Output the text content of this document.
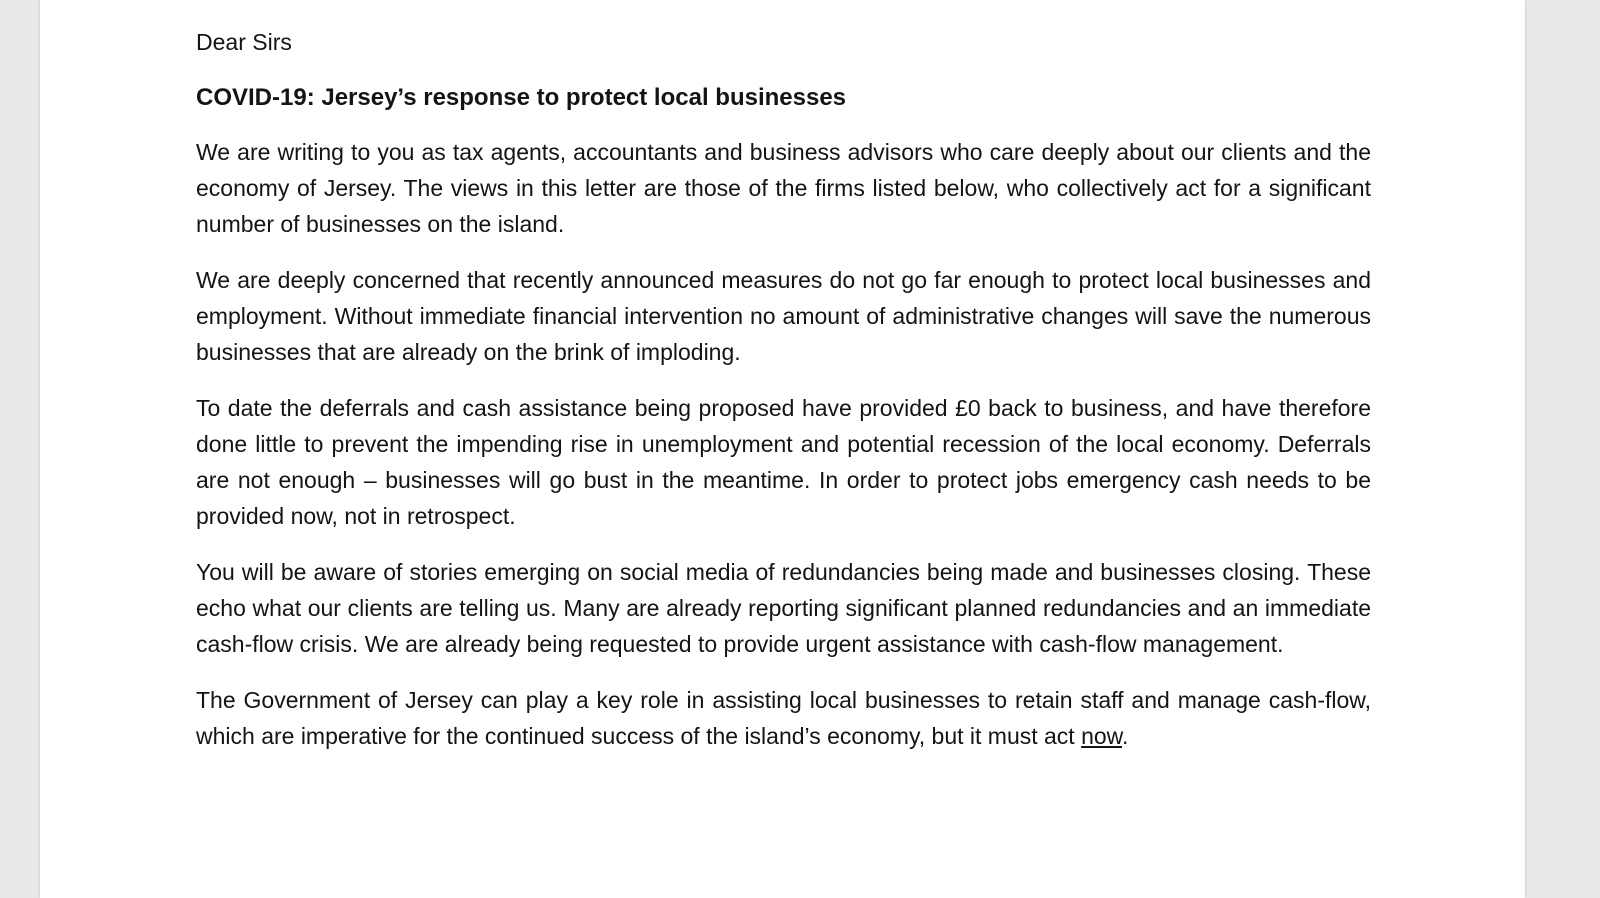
Dear Sirs

COVID-19: Jersey’s response to protect local businesses

We are writing to you as tax agents, accountants and business advisors who care deeply about our clients and the economy of Jersey. The views in this letter are those of the firms listed below, who collectively act for a significant number of businesses on the island.

We are deeply concerned that recently announced measures do not go far enough to protect local businesses and employment. Without immediate financial intervention no amount of administrative changes will save the numerous businesses that are already on the brink of imploding.

To date the deferrals and cash assistance being proposed have provided £0 back to business, and have therefore done little to prevent the impending rise in unemployment and potential recession of the local economy. Deferrals are not enough – businesses will go bust in the meantime. In order to protect jobs emergency cash needs to be provided now, not in retrospect.

You will be aware of stories emerging on social media of redundancies being made and businesses closing. These echo what our clients are telling us. Many are already reporting significant planned redundancies and an immediate cash-flow crisis. We are already being requested to provide urgent assistance with cash-flow management.

The Government of Jersey can play a key role in assisting local businesses to retain staff and manage cash-flow, which are imperative for the continued success of the island’s economy, but it must act now.
